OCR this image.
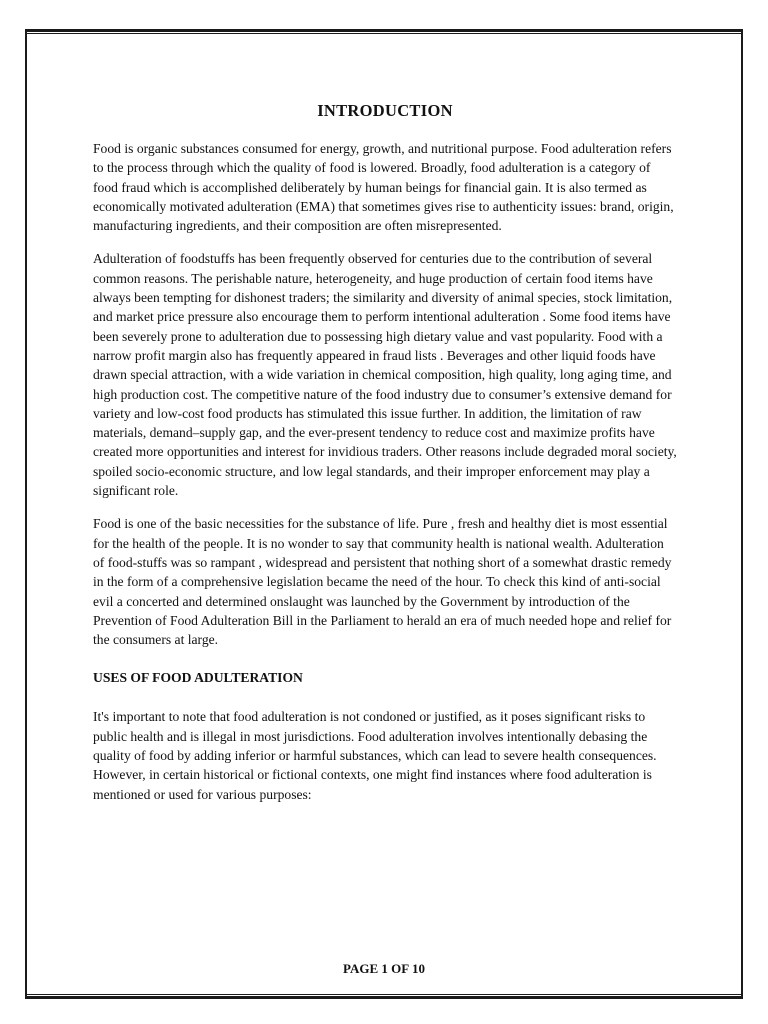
INTRODUCTION

Food is organic substances consumed for energy, growth, and nutritional purpose. Food adulteration refers to the process through which the quality of food is lowered. Broadly, food adulteration is a category of food fraud which is accomplished deliberately by human beings for financial gain. It is also termed as economically motivated adulteration (EMA) that sometimes gives rise to authenticity issues: brand, origin, manufacturing ingredients, and their composition are often misrepresented.

Adulteration of foodstuffs has been frequently observed for centuries due to the contribution of several common reasons. The perishable nature, heterogeneity, and huge production of certain food items have always been tempting for dishonest traders; the similarity and diversity of animal species, stock limitation, and market price pressure also encourage them to perform intentional adulteration . Some food items have been severely prone to adulteration due to possessing high dietary value and vast popularity. Food with a narrow profit margin also has frequently appeared in fraud lists . Beverages and other liquid foods have drawn special attraction, with a wide variation in chemical composition, high quality, long aging time, and high production cost. The competitive nature of the food industry due to consumer’s extensive demand for variety and low-cost food products has stimulated this issue further. In addition, the limitation of raw materials, demand–supply gap, and the ever-present tendency to reduce cost and maximize profits have created more opportunities and interest for invidious traders. Other reasons include degraded moral society, spoiled socio-economic structure, and low legal standards, and their improper enforcement may play a significant role.

Food is one of the basic necessities for the substance of life. Pure , fresh and healthy diet is most essential for the health of the people. It is no wonder to say that community health is national wealth. Adulteration of food-stuffs was so rampant , widespread and persistent that nothing short of a somewhat drastic remedy in the form of a comprehensive legislation became the need of the hour. To check this kind of anti-social evil a concerted and determined onslaught was launched by the Government by introduction of the Prevention of Food Adulteration Bill in the Parliament to herald an era of much needed hope and relief for the consumers at large.

USES OF FOOD ADULTERATION

It's important to note that food adulteration is not condoned or justified, as it poses significant risks to public health and is illegal in most jurisdictions. Food adulteration involves intentionally debasing the quality of food by adding inferior or harmful substances, which can lead to severe health consequences. However, in certain historical or fictional contexts, one might find instances where food adulteration is mentioned or used for various purposes:

PAGE 1 OF 10
